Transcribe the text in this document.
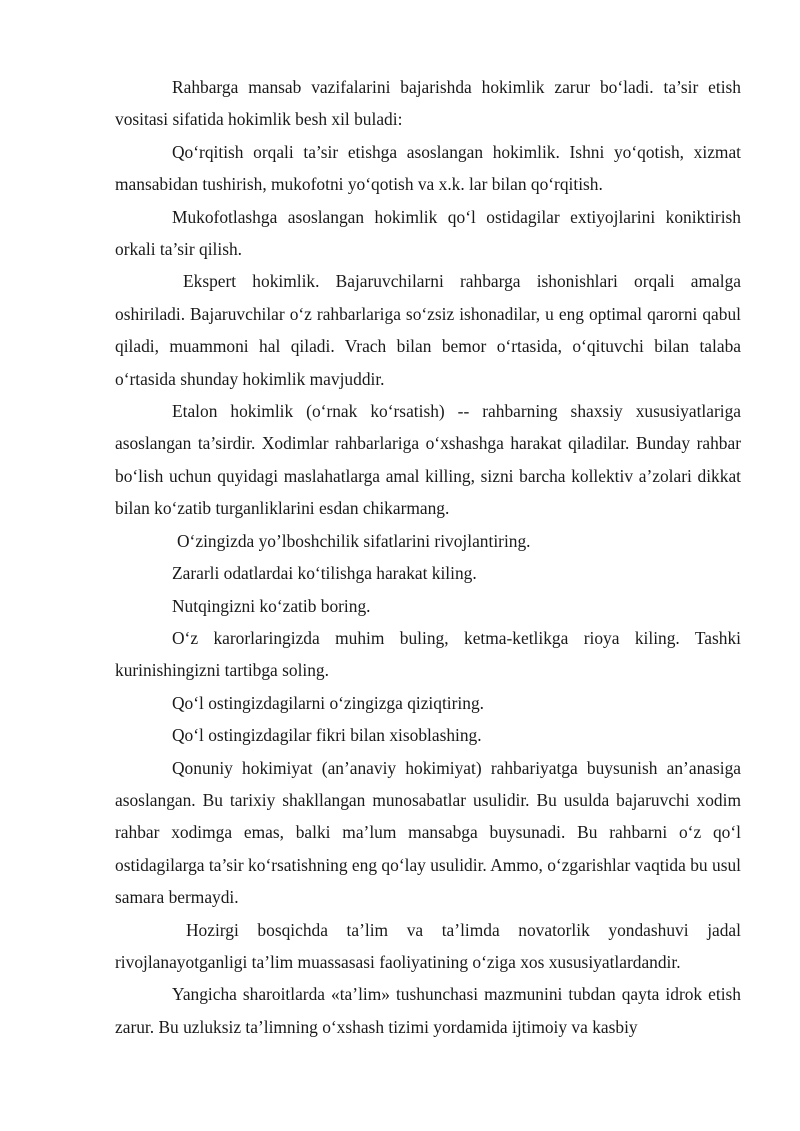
Rahbarga mansab vazifalarini bajarishda hokimlik zarur bo‘ladi. ta’sir etish vositasi sifatida hokimlik besh xil buladi:

Qo‘rqitish orqali ta’sir etishga asoslangan hokimlik. Ishni yo‘qotish, xizmat mansabidan tushirish, mukofotni yo‘qotish va x.k. lar bilan qo‘rqitish.

Mukofotlashga asoslangan hokimlik qo‘l ostidagilar extiyojlarini koniktirish orkali ta’sir qilish.

Ekspert hokimlik. Bajaruvchilarni rahbarga ishonishlari orqali amalga oshiriladi. Bajaruvchilar o‘z rahbarlariga so‘zsiz ishonadilar, u eng optimal qarorni qabul qiladi, muammoni hal qiladi. Vrach bilan bemor o‘rtasida, o‘qituvchi bilan talaba o‘rtasida shunday hokimlik mavjuddir.

Etalon hokimlik (o‘rnak ko‘rsatish) -- rahbarning shaxsiy xususiyatlariga asoslangan ta’sirdir. Xodimlar rahbarlariga o‘xshashga harakat qiladilar. Bunday rahbar bo‘lish uchun quyidagi maslahatlarga amal killing, sizni barcha kollektiv a’zolari dikkat bilan ko‘zatib turganliklarini esdan chikarmang.

O‘zingizda yo’lboshchilik sifatlarini rivojlantiring.

Zararli odatlardai ko‘tilishga harakat kiling.

Nutqingizni ko‘zatib boring.

O‘z karorlaringizda muhim buling, ketma-ketlikga rioya kiling. Tashki kurinishingizni tartibga soling.

Qo‘l ostingizdagilarni o‘zingizga qiziqtiring.

Qo‘l ostingizdagilar fikri bilan xisoblashing.

Qonuniy hokimiyat (an’anaviy hokimiyat) rahbariyatga buysunish an’anasiga asoslangan. Bu tarixiy shakllangan munosabatlar usulidir. Bu usulda bajaruvchi xodim rahbar xodimga emas, balki ma’lum mansabga buysunadi. Bu rahbarni o‘z qo‘l ostidagilarga ta’sir ko‘rsatishning eng qo‘lay usulidir. Ammo, o‘zgarishlar vaqtida bu usul samara bermaydi.

Hozirgi bosqichda ta’lim va ta’limda novatorlik yondashuvi jadal rivojlanayotganligi ta’lim muassasasi faoliyatining o‘ziga xos xususiyatlardandir.

Yangicha sharoitlarda «ta’lim» tushunchasi mazmunini tubdan qayta idrok etish zarur. Bu uzluksiz ta’limning o‘xshash tizimi yordamida ijtimoiy va kasbiy
